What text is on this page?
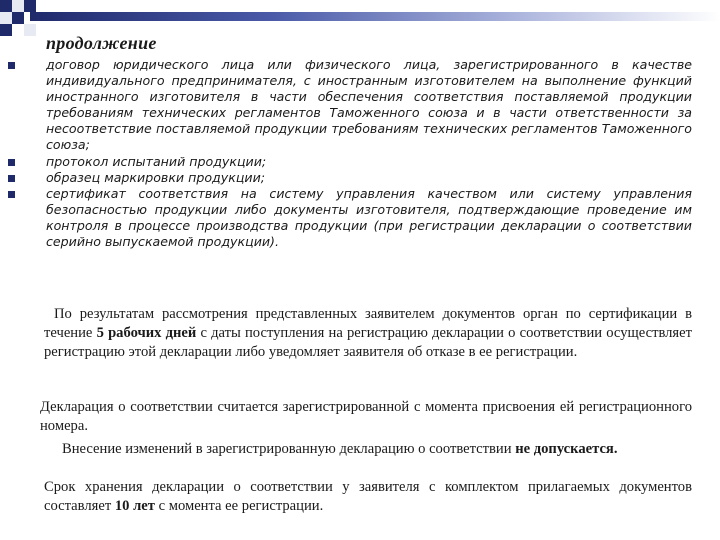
продолжение
договор юридического лица или физического лица, зарегистрированного в качестве индивидуального предпринимателя, с иностранным изготовителем на выполнение функций иностранного изготовителя в части обеспечения соответствия поставляемой продукции требованиям технических регламентов Таможенного союза и в части ответственности за несоответствие поставляемой продукции требованиям технических регламентов Таможенного союза;
протокол испытаний продукции;
образец маркировки продукции;
сертификат соответствия на систему управления качеством или систему управления безопасностью продукции либо документы изготовителя, подтверждающие проведение им контроля в процессе производства продукции (при регистрации декларации о соответствии серийно выпускаемой продукции).
По результатам рассмотрения представленных заявителем документов орган по сертификации в течение 5 рабочих дней с даты поступления на регистрацию декларации о соответствии осуществляет регистрацию этой декларации либо уведомляет заявителя об отказе в ее регистрации.
Декларация о соответствии считается зарегистрированной с момента присвоения ей регистрационного номера.
Внесение изменений в зарегистрированную декларацию о соответствии не допускается.
Срок хранения декларации о соответствии у заявителя с комплектом прилагаемых документов составляет 10 лет с момента ее регистрации.
